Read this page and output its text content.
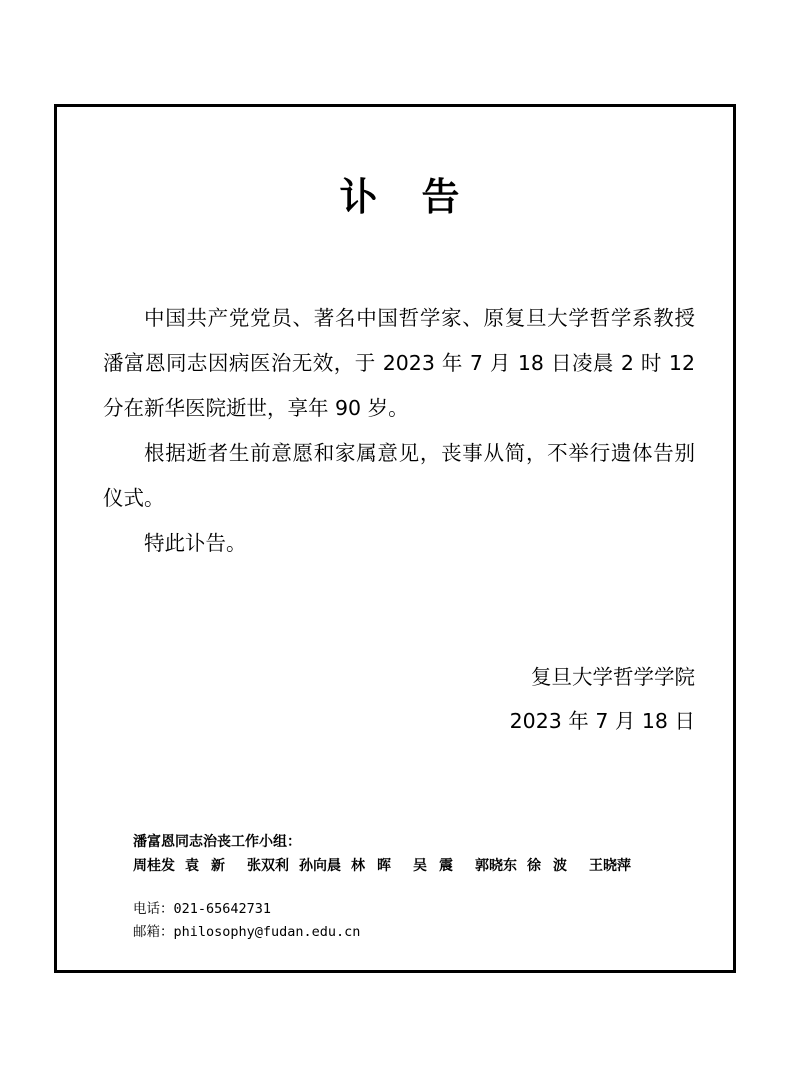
讣告

中国共产党党员、著名中国哲学家、原复旦大学哲学系教授潘富恩同志因病医治无效，于 2023 年 7 月 18 日凌晨 2 时 12 分在新华医院逝世，享年 90 岁。

根据逝者生前意愿和家属意见，丧事从简，不举行遗体告别仪式。

特此讣告。

复旦大学哲学学院
2023 年 7 月 18 日
潘富恩同志治丧工作小组：
周桂发 袁新 张双利 孙向晨 林晖 吴震 郭晓东 徐波 王晓萍
电话：021-65642731
邮箱：philosophy@fudan.edu.cn
